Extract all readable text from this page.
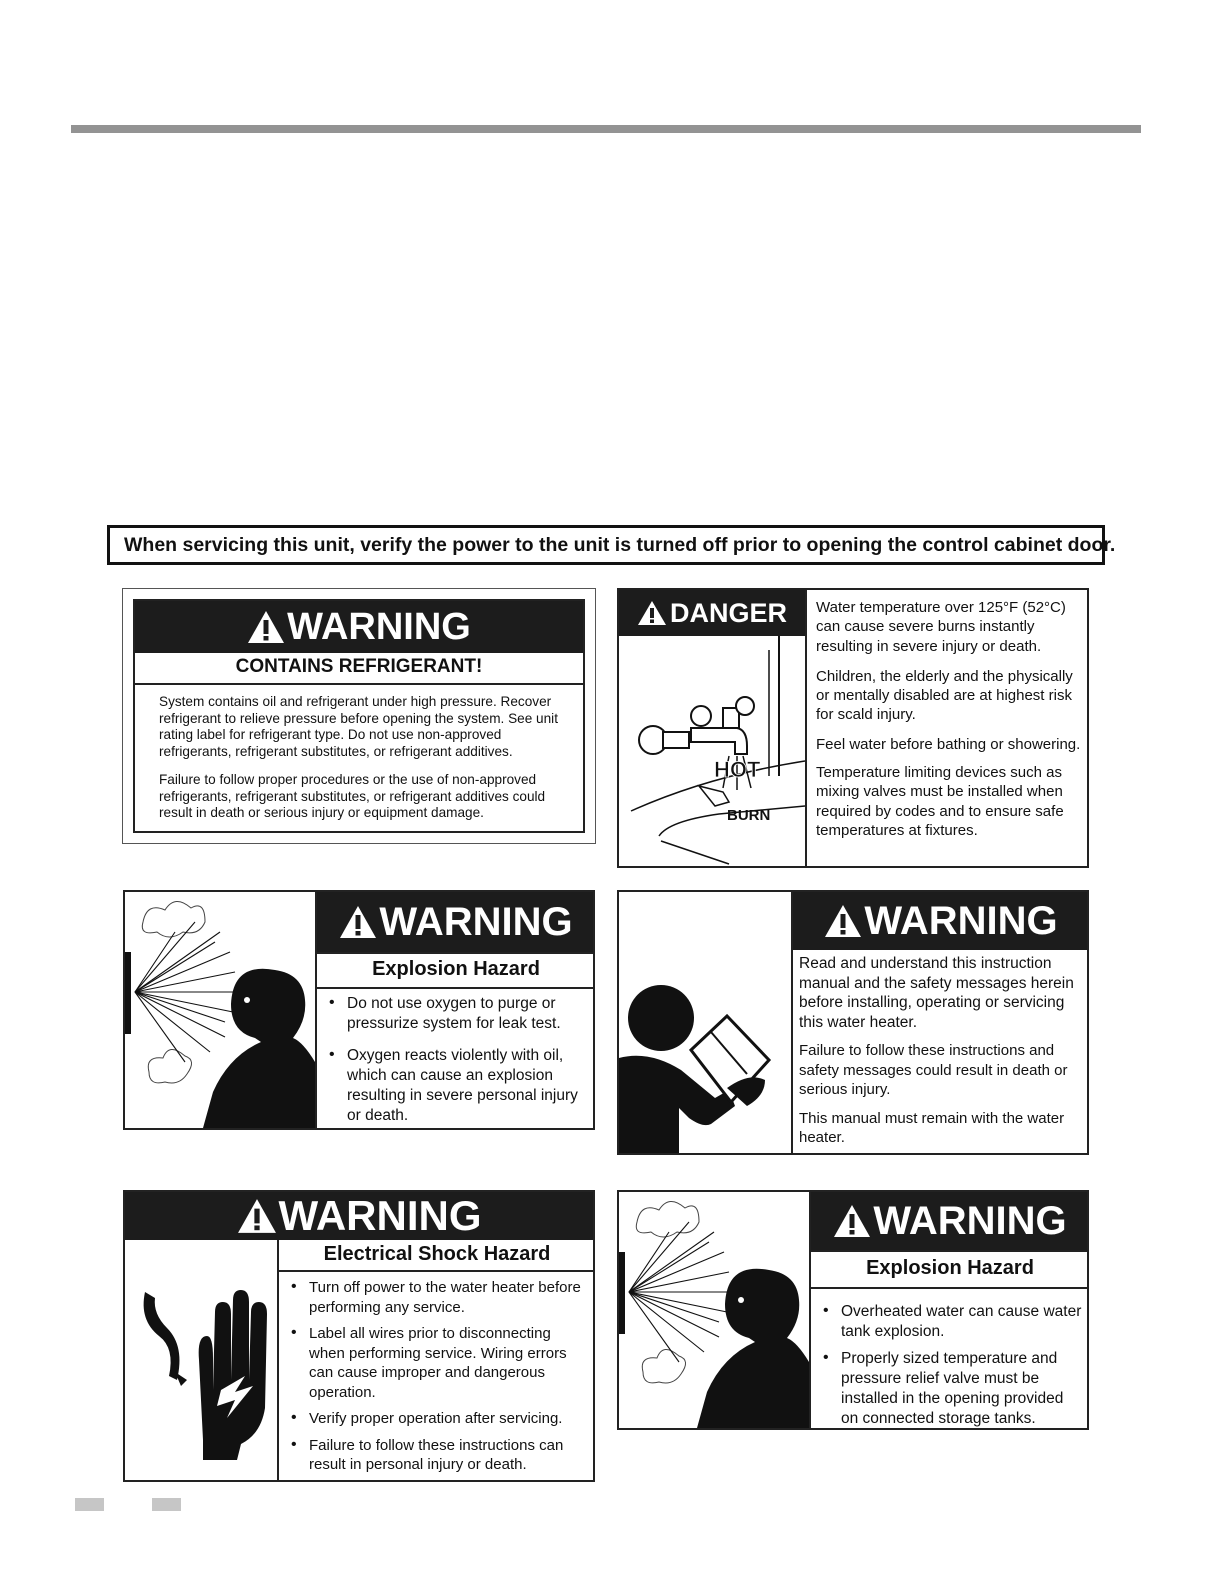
When servicing this unit, verify the power to the unit is turned off prior to opening the control cabinet door.
WARNING
CONTAINS REFRIGERANT!

System contains oil and refrigerant under high pressure. Recover refrigerant to relieve pressure before opening the system. See unit rating label for refrigerant type. Do not use non-approved refrigerants, refrigerant substitutes, or refrigerant additives.

Failure to follow proper procedures or the use of non-approved refrigerants, refrigerant substitutes, or refrigerant additives could result in death or serious injury or equipment damage.

DANGER
HOT
BURN

Water temperature over 125°F (52°C) can cause severe burns instantly resulting in severe injury or death.

Children, the elderly and the physically or mentally disabled are at highest risk for scald injury.

Feel water before bathing or showering.

Temperature limiting devices such as mixing valves must be installed when required by codes and to ensure safe temperatures at fixtures.

WARNING
Explosion Hazard
• Do not use oxygen to purge or pressurize system for leak test.
• Oxygen reacts violently with oil, which can cause an explosion resulting in severe personal injury or death.
WARNING

Read and understand this instruction manual and the safety messages herein before installing, operating or servicing this water heater.

Failure to follow these instructions and safety messages could result in death or serious injury.

This manual must remain with the water heater.

WARNING
Electrical Shock Hazard
• Turn off power to the water heater before performing any service.
• Label all wires prior to disconnecting when performing service. Wiring errors can cause improper and dangerous operation.
• Verify proper operation after servicing.
• Failure to follow these instructions can result in personal injury or death.
WARNING
Explosion Hazard
• Overheated water can cause water tank explosion.
• Properly sized temperature and pressure relief valve must be installed in the opening provided on connected storage tanks.
